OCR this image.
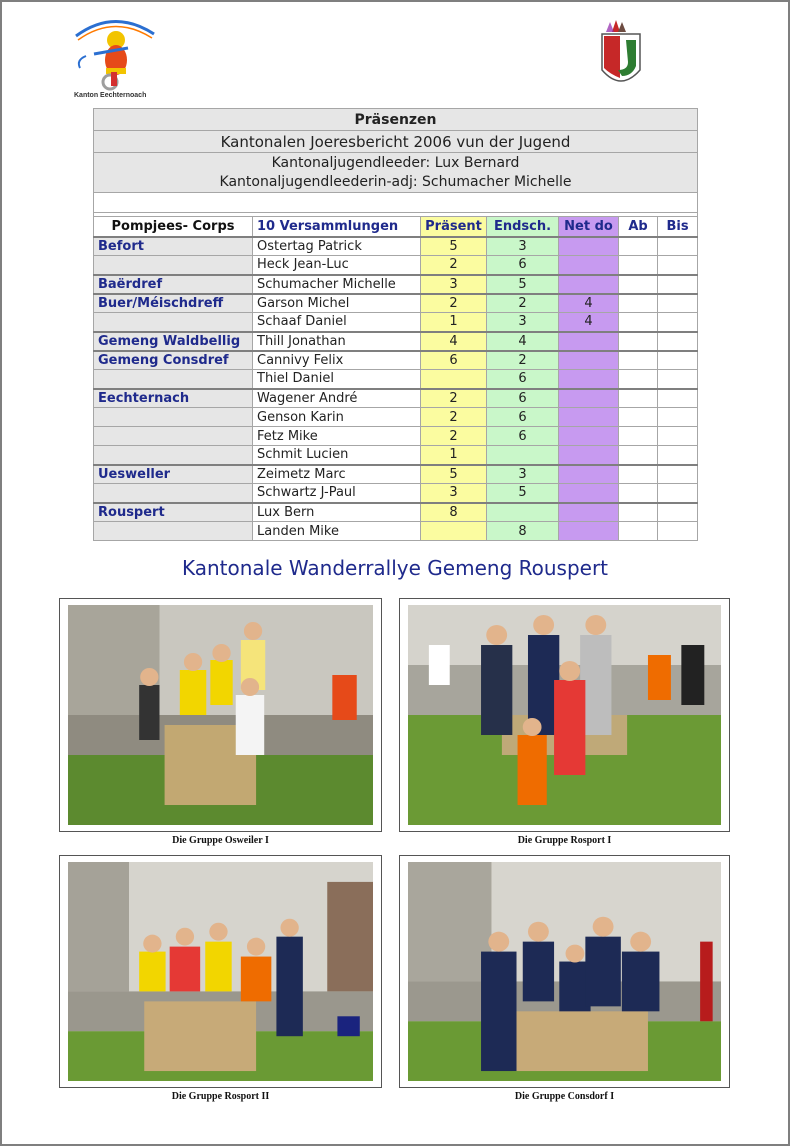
Kanton Eechternoach
Präsenzen						
Kantonalen Joeresbericht 2006 vun der Jugend						

Kantonaljugendleeder: Lux Bernard
Kantonaljugendleederin-adj: Schumacher Michelle						

Pompjees- Corps	10 Versammlungen	Präsent	Endsch.	Net do	Ab	Bis
Befort	Ostertag Patrick	5	3			
	Heck Jean-Luc	2	6			
Baërdref	Schumacher Michelle	3	5			
Buer/Méischdreff	Garson Michel	2	2	4		
	Schaaf Daniel	1	3	4		
Gemeng Waldbellig	Thill Jonathan	4	4			
Gemeng Consdref	Cannivy Felix	6	2			
	Thiel Daniel		6			
Eechternach	Wagener André	2	6			
	Genson Karin	2	6			
	Fetz Mike	2	6			
	Schmit Lucien	1				
Uesweller	Zeimetz Marc	5	3			
	Schwartz J-Paul	3	5			
Rouspert	Lux Bern	8				
	Landen Mike		8			
Kantonale Wanderrallye Gemeng Rouspert
Die Gruppe Osweiler I	Die Gruppe Rosport I
Die Gruppe Rosport II	Die Gruppe Consdorf I
